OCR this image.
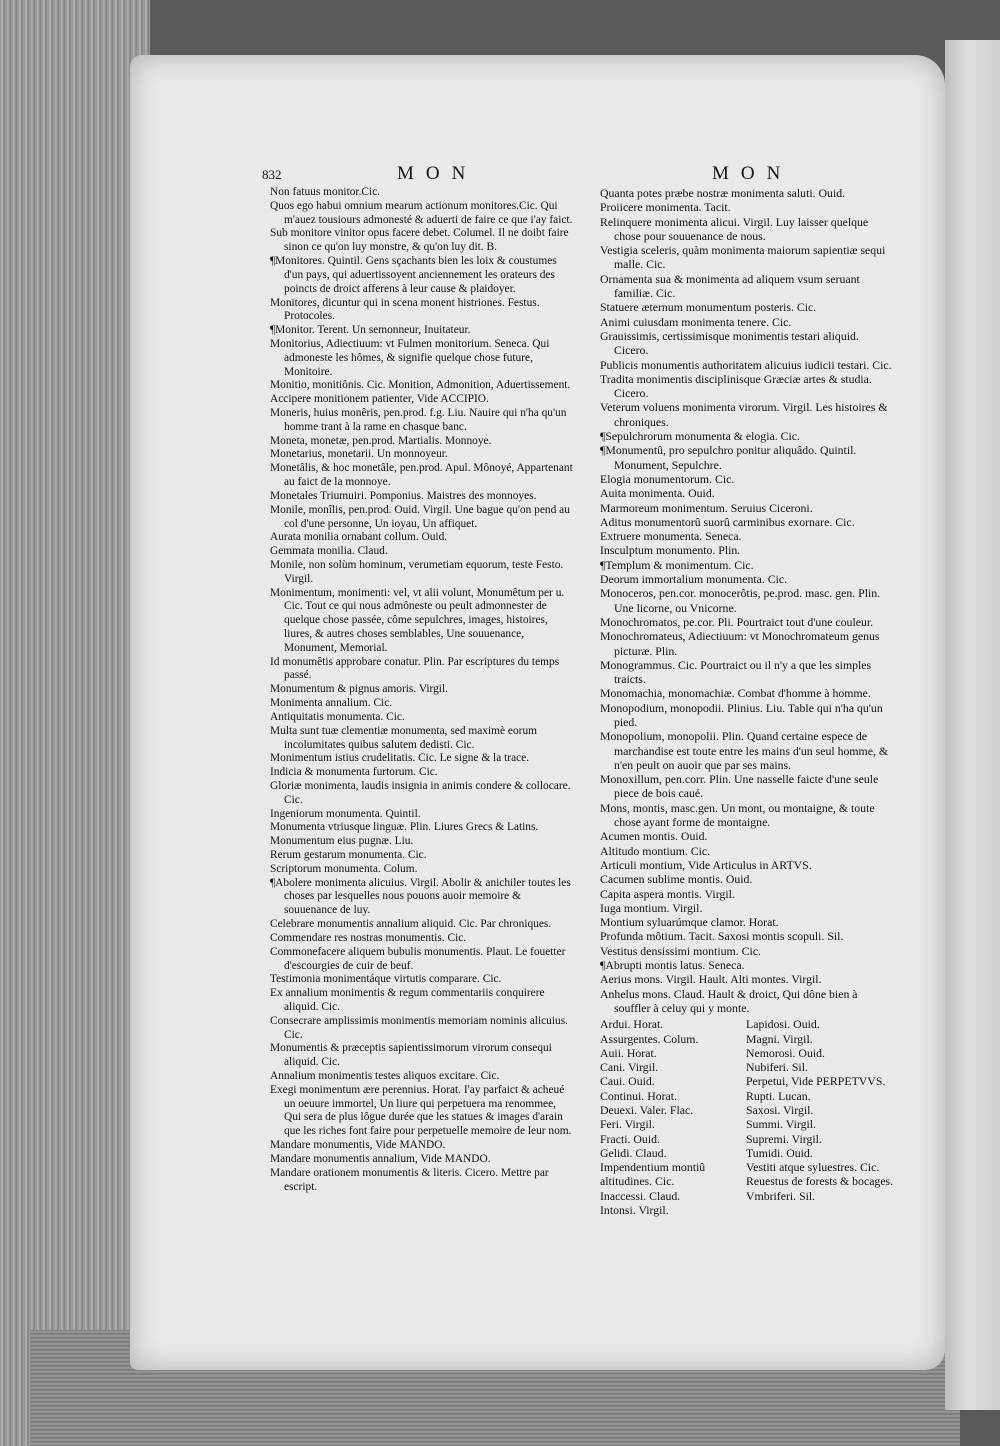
832	MON	MON

Non fatuus monitor.Cic.

Quos ego habui omnium mearum actionum monitores.Cic. Qui m'auez tousiours admonesté & aduerti de faire ce que i'ay faict.

Sub monitore vinitor opus facere debet. Columel. Il ne doibt faire sinon ce qu'on luy monstre, & qu'on luy dit. B.

¶Monitores. Quintil. Gens sçachants bien les loix & coustumes d'un pays, qui aduertissoyent anciennement les orateurs des poincts de droict afferens à leur cause & plaidoyer.

Monitores, dicuntur qui in scena monent histriones. Festus. Protocoles.

¶Monitor. Terent. Un semonneur, Inuitateur.

Monitorius, Adiectiuum: vt Fulmen monitorium. Seneca. Qui admoneste les hômes, & signifie quelque chose future, Monitoire.

Monitio, monitiônis. Cic. Monition, Admonition, Aduertissement.

Accipere monitionem patienter, Vide ACCIPIO.

Moneris, huius monêris, pen.prod. f.g. Liu. Nauire qui n'ha qu'un homme trant à la rame en chasque banc.

Moneta, monetæ, pen.prod. Martialis. Monnoye.

Monetarius, monetarii. Un monnoyeur.

Monetâlis, & hoc monetâle, pen.prod. Apul. Mônoyé, Appartenant au faict de la monnoye.

Monetales Triumuiri. Pomponius. Maistres des monnoyes.

Monile, monîlis, pen.prod. Ouid. Virgil. Une bague qu'on pend au col d'une personne, Un ioyau, Un affiquet.

Aurata monilia ornabant collum. Ouid.

Gemmata monilia. Claud.

Monile, non solùm hominum, verumetiam equorum, teste Festo. Virgil.

Monimentum, monimenti: vel, vt alii volunt, Monumêtum per u. Cic. Tout ce qui nous admôneste ou peult admonnester de quelque chose passée, côme sepulchres, images, histoires, liures, & autres choses semblables, Une souuenance, Monument, Memorial.

Id monumêtis approbare conatur. Plin. Par escriptures du temps passé.

Monumentum & pignus amoris. Virgil.

Monimenta annalium. Cic.

Antiquitatis monumenta. Cic.

Multa sunt tuæ clementiæ monumenta, sed maximè eorum incolumitates quibus salutem dedisti. Cic.

Monimentum istius crudelitatis. Cic. Le signe & la trace.

Indicia & monumenta furtorum. Cic.

Gloriæ monimenta, laudis insignia in animis condere & collocare. Cic.

Ingeniorum monumenta. Quintil.

Monumenta vtriusque linguæ. Plin. Liures Grecs & Latins.

Monumentum eius pugnæ. Liu.

Rerum gestarum monumenta. Cic.

Scriptorum monumenta. Colum.

¶Abolere monimenta alicuius. Virgil. Abolir & anichiler toutes les choses par lesquelles nous pouons auoir memoire & souuenance de luy.

Celebrare monumentis annalium aliquid. Cic. Par chroniques.

Commendare res nostras monumentis. Cic.

Commonefacere aliquem bubulis monumentis. Plaut. Le fouetter d'escourgies de cuir de beuf.

Testimonia monimentáque virtutis comparare. Cic.

Ex annalium monimentis & regum commentariis conquirere aliquid. Cic.

Consecrare amplissimis monimentis memoriam nominis alicuius. Cic.

Monumentis & præceptis sapientissimorum virorum consequi aliquid. Cic.

Annalium monimentis testes aliquos excitare. Cic.

Exegi monimentum ære perennius. Horat. I'ay parfaict & acheué un oeuure immortel, Un liure qui perpetuera ma renommee, Qui sera de plus lôgue durée que les statues & images d'arain que les riches font faire pour perpetuelle memoire de leur nom.

Mandare monumentis, Vide MANDO.

Mandare monumentis annalium, Vide MANDO.

Mandare orationem monumentis & literis. Cicero. Mettre par escript.

Quanta potes præbe nostræ monimenta saluti. Ouid.

Proiicere monimenta. Tacit.

Relinquere monimenta alicui. Virgil. Luy laisser quelque chose pour souuenance de nous.

Vestigia sceleris, quàm monimenta maiorum sapientiæ sequi malle. Cic.

Ornamenta sua & monimenta ad aliquem vsum seruant familiæ. Cic.

Statuere æternum monumentum posteris. Cic.

Animi cuiusdam monimenta tenere. Cic.

Grauissimis, certissimisque monimentis testari aliquid. Cicero.

Publicis monumentis authoritatem alicuius iudicii testari. Cic.

Tradita monimentis disciplinisque Græciæ artes & studia. Cicero.

Veterum voluens monimenta virorum. Virgil. Les histoires & chroniques.

¶Sepulchrorum monumenta & elogia. Cic.

¶Monumentû, pro sepulchro ponitur aliquâdo. Quintil. Monument, Sepulchre.

Elogia monumentorum. Cic.

Auita monimenta. Ouid.

Marmoreum monimentum. Seruius Ciceroni.

Aditus monumentorû suorû carminibus exornare. Cic.

Extruere monumenta. Seneca.

Insculptum monumento. Plin.

¶Templum & monimentum. Cic.

Deorum immortalium monumenta. Cic.

Monoceros, pen.cor. monocerôtis, pe.prod. masc. gen. Plin. Une licorne, ou Vnicorne.

Monochromatos, pe.cor. Pli. Pourtraict tout d'une couleur.

Monochromateus, Adiectiuum: vt Monochromateum genus picturæ. Plin.

Monogrammus. Cic. Pourtraict ou il n'y a que les simples traicts.

Monomachia, monomachiæ. Combat d'homme à homme.

Monopodium, monopodii. Plinius. Liu. Table qui n'ha qu'un pied.

Monopolium, monopolii. Plin. Quand certaine espece de marchandise est toute entre les mains d'un seul homme, & n'en peult on auoir que par ses mains.

Monoxillum, pen.corr. Plin. Une nasselle faicte d'une seule piece de bois caué.

Mons, montis, masc.gen. Un mont, ou montaigne, & toute chose ayant forme de montaigne.

Acumen montis. Ouid.

Altitudo montium. Cic.

Articuli montium, Vide Articulus in ARTVS.

Cacumen sublime montis. Ouid.

Capita aspera montis. Virgil.

Iuga montium. Virgil.

Montium syluarúmque clamor. Horat.

Profunda môtium. Tacit. Saxosi montis scopuli. Sil.

Vestitus densissimi montium. Cic.

¶Abrupti montis latus. Seneca.

Aerius mons. Virgil. Hault. Alti montes. Virgil.

Anhelus mons. Claud. Hault & droict, Qui dône bien à souffler à celuy qui y monte.

Ardui. Horat.
Assurgentes. Colum.
Auii. Horat.
Cani. Virgil.
Caui. Ouid.
Continui. Horat.
Deuexi. Valer. Flac.
Feri. Virgil.
Fracti. Ouid.
Gelidi. Claud.
Impendentium montiû altitudines. Cic.
Inaccessi. Claud.
Intonsi. Virgil.
Lapidosi. Ouid.
Magni. Virgil.
Nemorosi. Ouid.
Nubiferi. Sil.
Perpetui, Vide PERPETVVS.
Rupti. Lucan.
Saxosi. Virgil.
Summi. Virgil.
Supremi. Virgil.
Tumidi. Ouid.
Vestiti atque syluestres. Cic. Reuestus de forests & bocages.
Vmbriferi. Sil.
